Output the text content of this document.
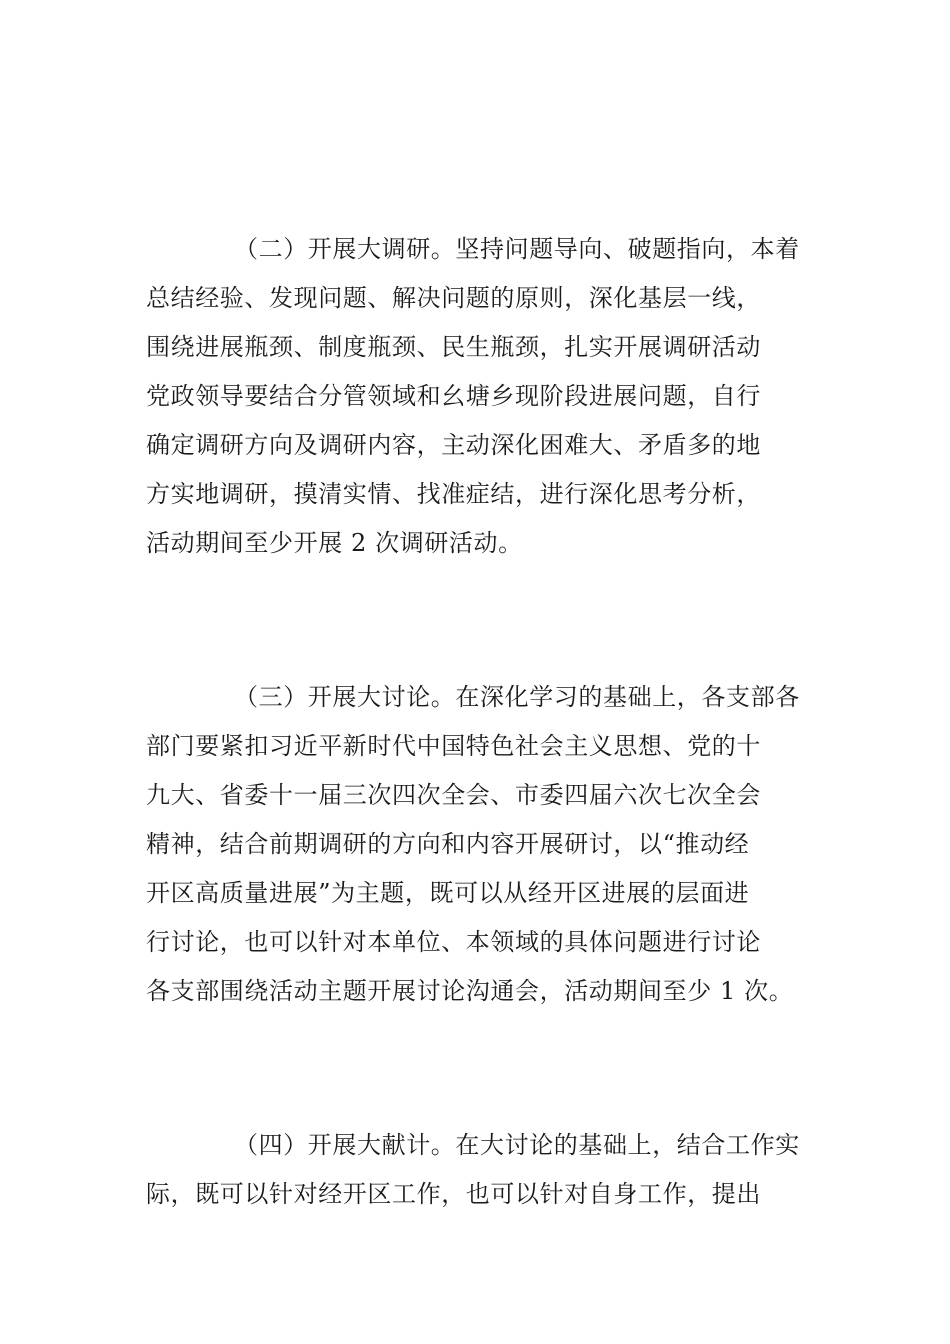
（二）开展大调研。坚持问题导向、破题指向，本着
总结经验、发现问题、解决问题的原则，深化基层一线，
围绕进展瓶颈、制度瓶颈、民生瓶颈，扎实开展调研活动
党政领导要结合分管领域和幺塘乡现阶段进展问题，自行
确定调研方向及调研内容，主动深化困难大、矛盾多的地
方实地调研，摸清实情、找准症结，进行深化思考分析，
活动期间至少开展 2 次调研活动。
（三）开展大讨论。在深化学习的基础上，各支部各
部门要紧扣习近平新时代中国特色社会主义思想、党的十
九大、省委十一届三次四次全会、市委四届六次七次全会
精神，结合前期调研的方向和内容开展研讨，以“推动经
开区高质量进展”为主题，既可以从经开区进展的层面进
行讨论，也可以针对本单位、本领域的具体问题进行讨论
各支部围绕活动主题开展讨论沟通会，活动期间至少 1 次。
（四）开展大献计。在大讨论的基础上，结合工作实
际，既可以针对经开区工作，也可以针对自身工作，提出
